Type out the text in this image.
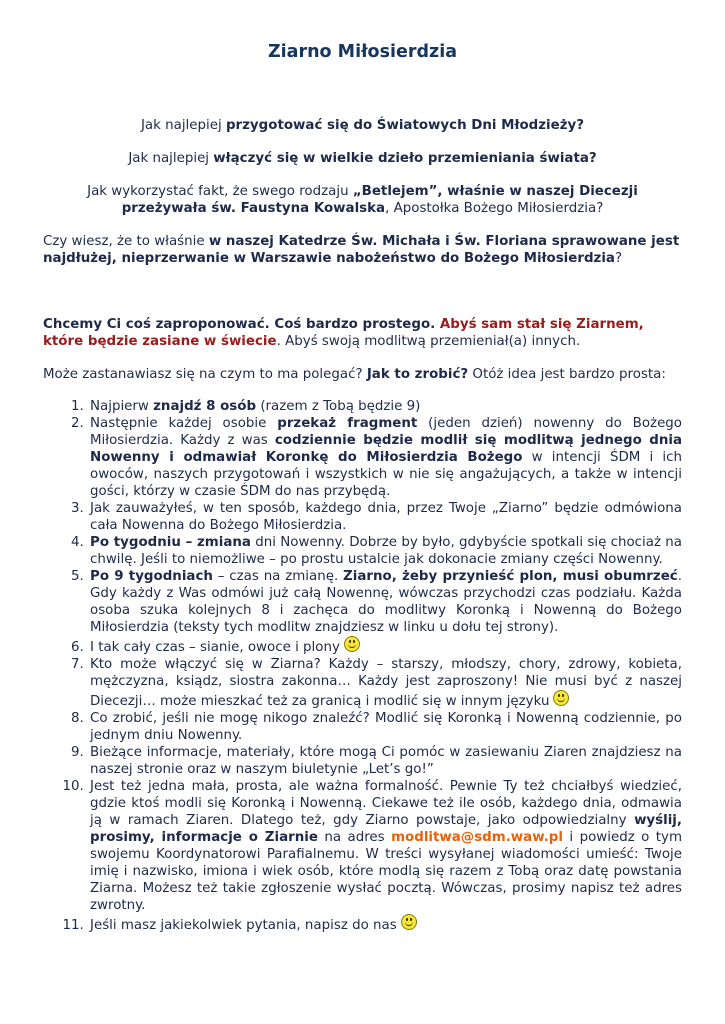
Ziarno Miłosierdzia
Jak najlepiej przygotować się do Światowych Dni Młodzieży?
Jak najlepiej włączyć się w wielkie dzieło przemieniania świata?
Jak wykorzystać fakt, że swego rodzaju „Betlejem”, właśnie w naszej Diecezji przeżywała św. Faustyna Kowalska, Apostołka Bożego Miłosierdzia?
Czy wiesz, że to właśnie w naszej Katedrze Św. Michała i Św. Floriana sprawowane jest najdłużej, nieprzerwanie w Warszawie nabożeństwo do Bożego Miłosierdzia?
Chcemy Ci coś zaproponować. Coś bardzo prostego. Abyś sam stał się Ziarnem, które będzie zasiane w świecie. Abyś swoją modlitwą przemieniał(a) innych.
Może zastanawiasz się na czym to ma polegać? Jak to zrobić? Otóż idea jest bardzo prosta:
1. Najpierw znajdź 8 osób (razem z Tobą będzie 9)
2. Następnie każdej osobie przekaż fragment (jeden dzień) nowenny do Bożego Miłosierdzia. Każdy z was codziennie będzie modlił się modlitwą jednego dnia Nowenny i odmawiał Koronkę do Miłosierdzia Bożego w intencji ŚDM i ich owoców, naszych przygotowań i wszystkich w nie się angażujących, a także w intencji gości, którzy w czasie ŚDM do nas przybędą.
3. Jak zauważyłeś, w ten sposób, każdego dnia, przez Twoje „Ziarno” będzie odmówiona cała Nowenna do Bożego Miłosierdzia.
4. Po tygodniu – zmiana dni Nowenny. Dobrze by było, gdybyście spotkali się chociaż na chwilę. Jeśli to niemożliwe – po prostu ustalcie jak dokonacie zmiany części Nowenny.
5. Po 9 tygodniach – czas na zmianę. Ziarno, żeby przynieść plon, musi obumrzeć. Gdy każdy z Was odmówi już całą Nowennę, wówczas przychodzi czas podziału. Każda osoba szuka kolejnych 8 i zachęca do modlitwy Koronką i Nowenną do Bożego Miłosierdzia (teksty tych modlitw znajdziesz w linku u dołu tej strony).
6. I tak cały czas – sianie, owoce i plony
7. Kto może włączyć się w Ziarna? Każdy – starszy, młodszy, chory, zdrowy, kobieta, mężczyzna, ksiądz, siostra zakonna… Każdy jest zaproszony! Nie musi być z naszej Diecezji… może mieszkać też za granicą i modlić się w innym języku
8. Co zrobić, jeśli nie mogę nikogo znaleźć? Modlić się Koronką i Nowenną codziennie, po jednym dniu Nowenny.
9. Bieżące informacje, materiały, które mogą Ci pomóc w zasiewaniu Ziaren znajdziesz na naszej stronie oraz w naszym biuletynie „Let’s go!”
10. Jest też jedna mała, prosta, ale ważna formalność. Pewnie Ty też chciałbyś wiedzieć, gdzie ktoś modli się Koronką i Nowenną. Ciekawe też ile osób, każdego dnia, odmawia ją w ramach Ziaren. Dlatego też, gdy Ziarno powstaje, jako odpowiedzialny wyślij, prosimy, informacje o Ziarnie na adres modlitwa@sdm.waw.pl i powiedz o tym swojemu Koordynatorowi Parafialnemu. W treści wysyłanej wiadomości umieść: Twoje imię i nazwisko, imiona i wiek osób, które modlą się razem z Tobą oraz datę powstania Ziarna. Możesz też takie zgłoszenie wysłać pocztą. Wówczas, prosimy napisz też adres zwrotny.
11. Jeśli masz jakiekolwiek pytania, napisz do nas
